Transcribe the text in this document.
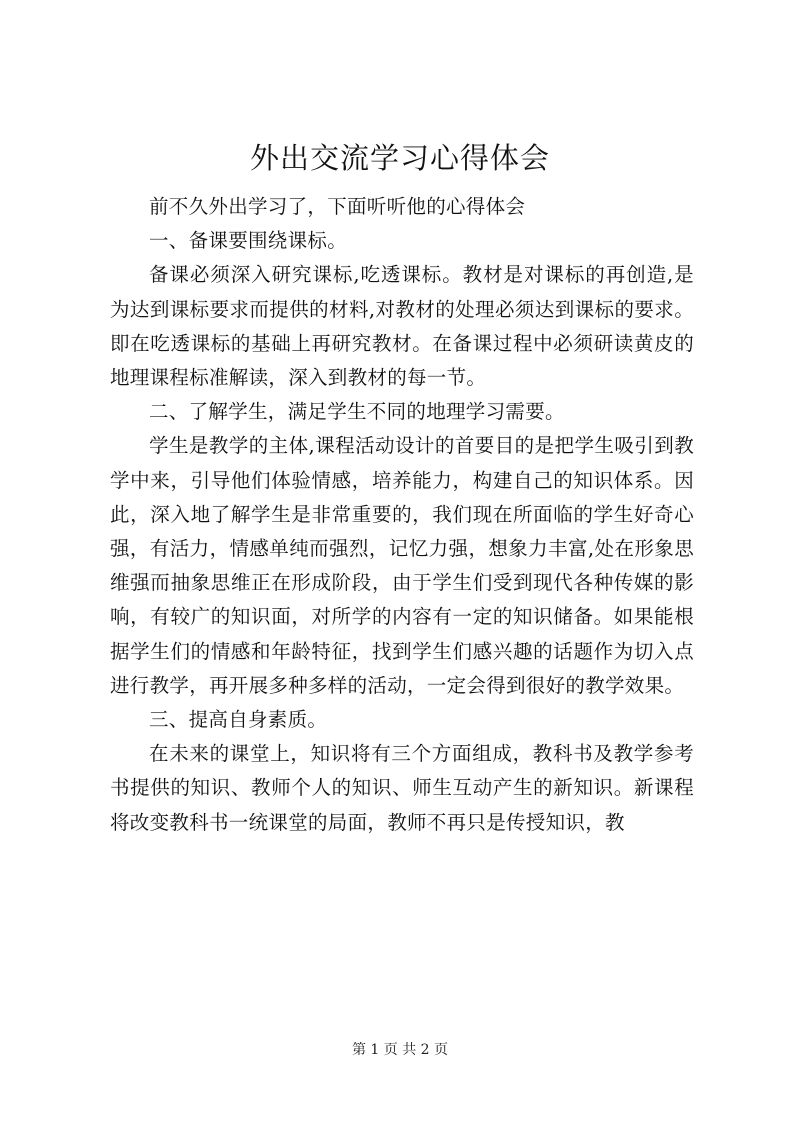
外出交流学习心得体会

前不久外出学习了，下面听听他的心得体会

一、备课要围绕课标。

备课必须深入研究课标,吃透课标。教材是对课标的再创造,是为达到课标要求而提供的材料,对教材的处理必须达到课标的要求。即在吃透课标的基础上再研究教材。在备课过程中必须研读黄皮的地理课程标准解读，深入到教材的每一节。

二、了解学生，满足学生不同的地理学习需要。

学生是教学的主体,课程活动设计的首要目的是把学生吸引到教学中来，引导他们体验情感，培养能力，构建自己的知识体系。因此，深入地了解学生是非常重要的，我们现在所面临的学生好奇心强，有活力，情感单纯而强烈，记忆力强，想象力丰富,处在形象思维强而抽象思维正在形成阶段，由于学生们受到现代各种传媒的影响，有较广的知识面，对所学的内容有一定的知识储备。如果能根据学生们的情感和年龄特征，找到学生们感兴趣的话题作为切入点进行教学，再开展多种多样的活动，一定会得到很好的教学效果。

三、提高自身素质。

在未来的课堂上，知识将有三个方面组成，教科书及教学参考书提供的知识、教师个人的知识、师生互动产生的新知识。新课程将改变教科书一统课堂的局面，教师不再只是传授知识，教

第 1 页 共 2 页
